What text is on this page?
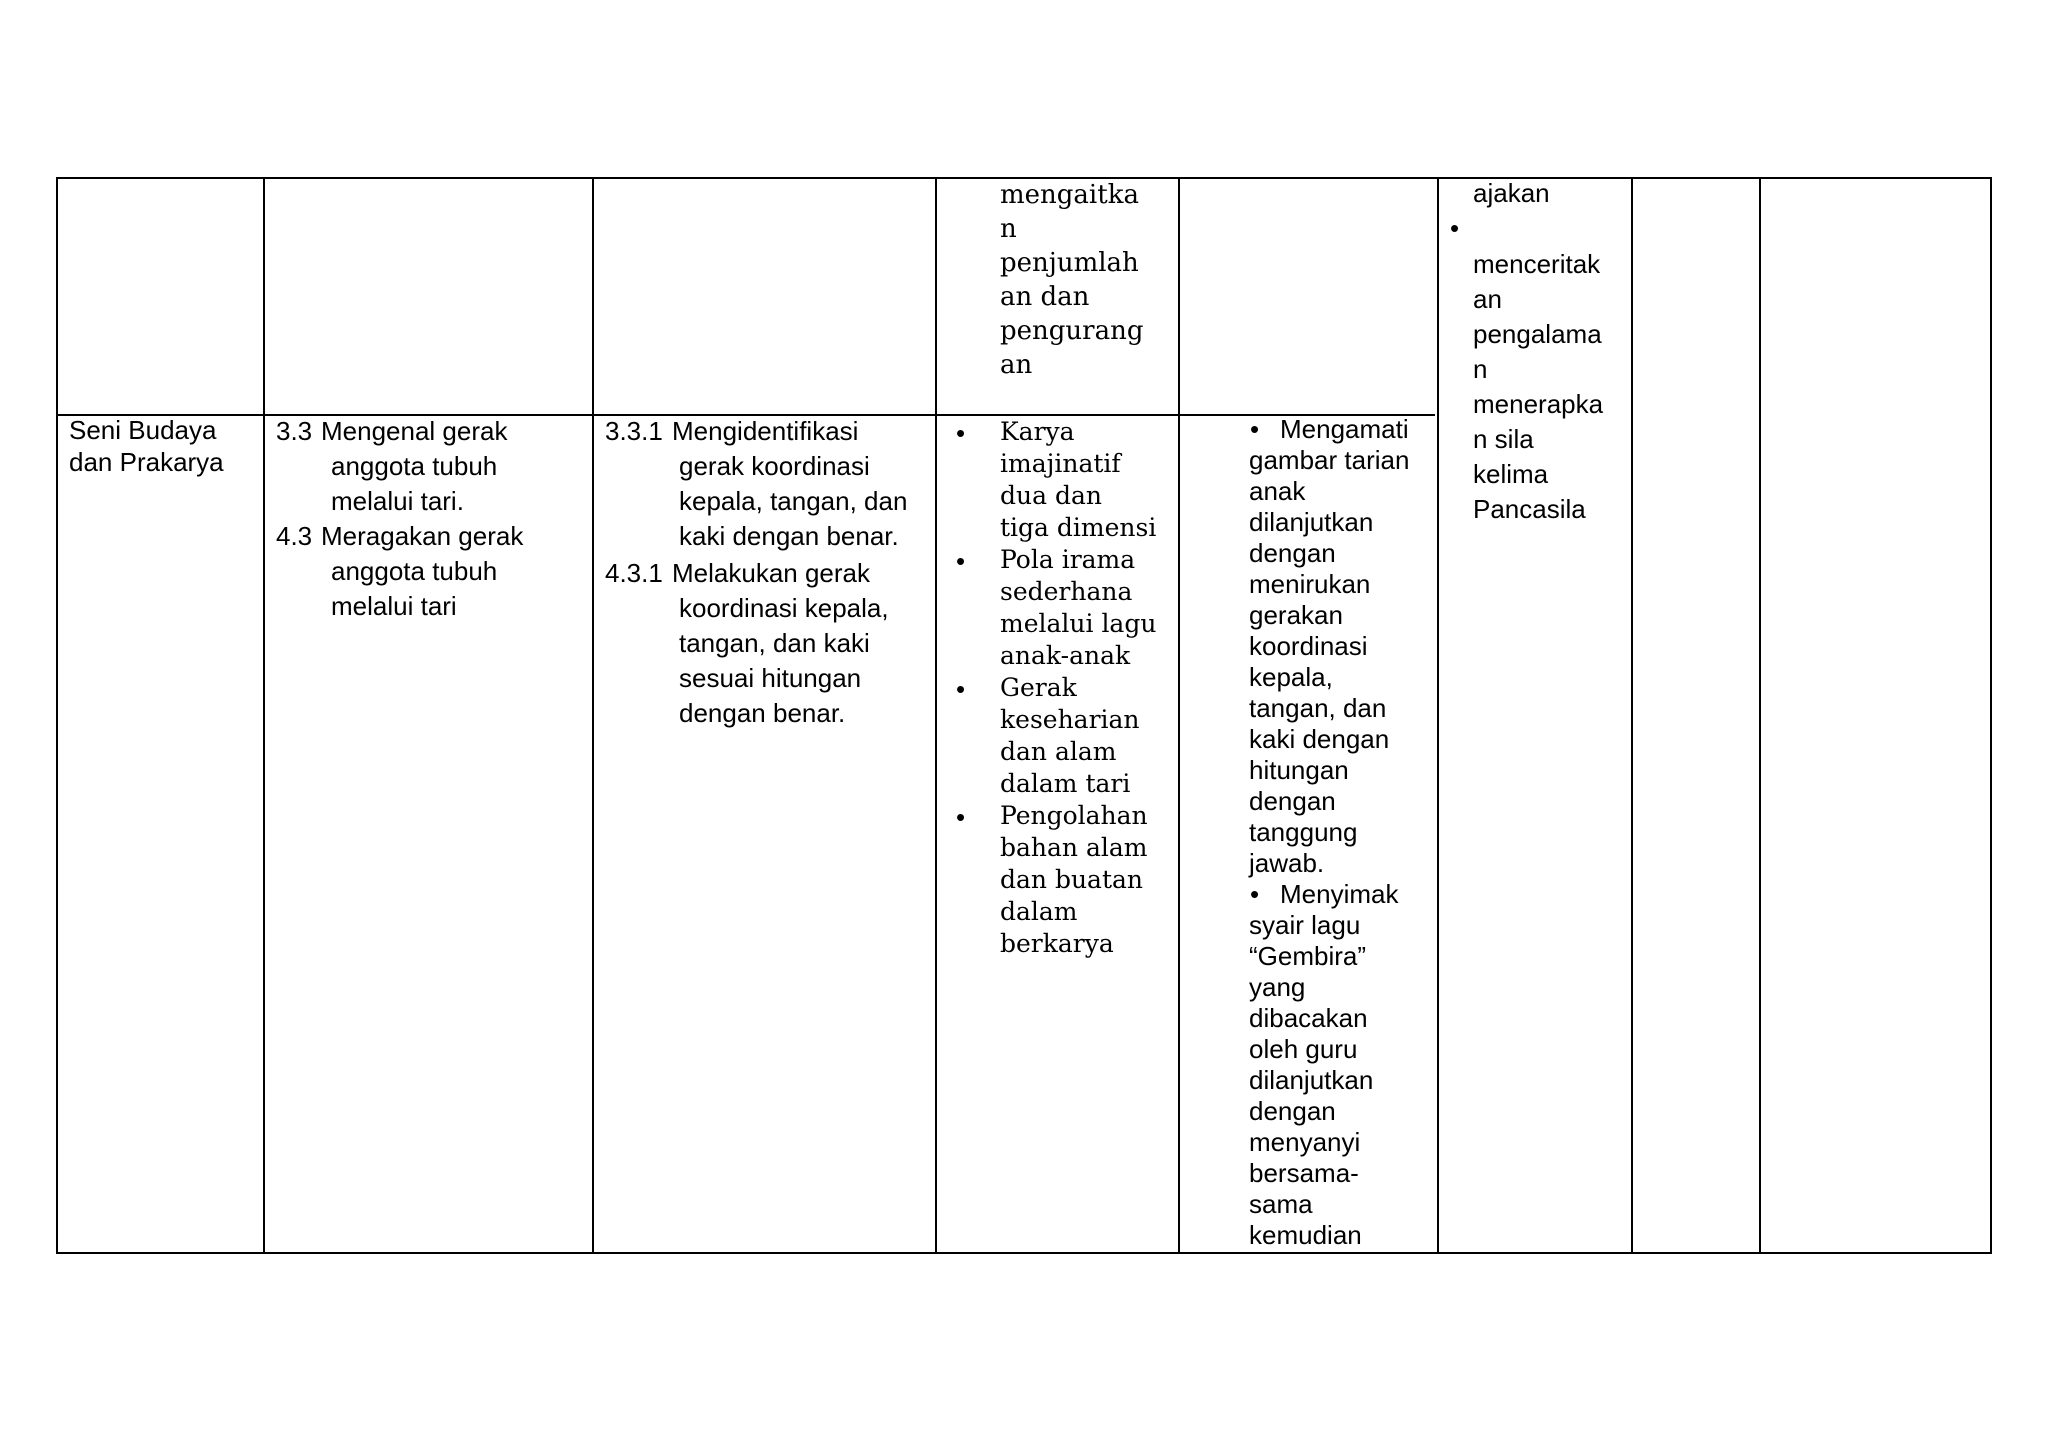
mengaitka
n
penjumlah
an dan
pengurang
an
ajakan
•
menceritak
an
pengalama
n
menerapka
n sila
kelima
Pancasila
Seni Budaya
dan Prakarya
3.3 Mengenal gerak
anggota tubuh
melalui tari.
4.3 Meragakan gerak
anggota tubuh
melalui tari
3.3.1 Mengidentifikasi
gerak koordinasi
kepala, tangan, dan
kaki dengan benar.
4.3.1 Melakukan gerak
koordinasi kepala,
tangan, dan kaki
sesuai hitungan
dengan benar.
• Karya
imajinatif
dua dan
tiga dimensi
• Pola irama
sederhana
melalui lagu
anak-anak
• Gerak
keseharian
dan alam
dalam tari
• Pengolahan
bahan alam
dan buatan
dalam
berkarya
• Mengamati
gambar tarian
anak
dilanjutkan
dengan
menirukan
gerakan
koordinasi
kepala,
tangan, dan
kaki dengan
hitungan
dengan
tanggung
jawab.
• Menyimak
syair lagu
“Gembira”
yang
dibacakan
oleh guru
dilanjutkan
dengan
menyanyi
bersama-
sama
kemudian
